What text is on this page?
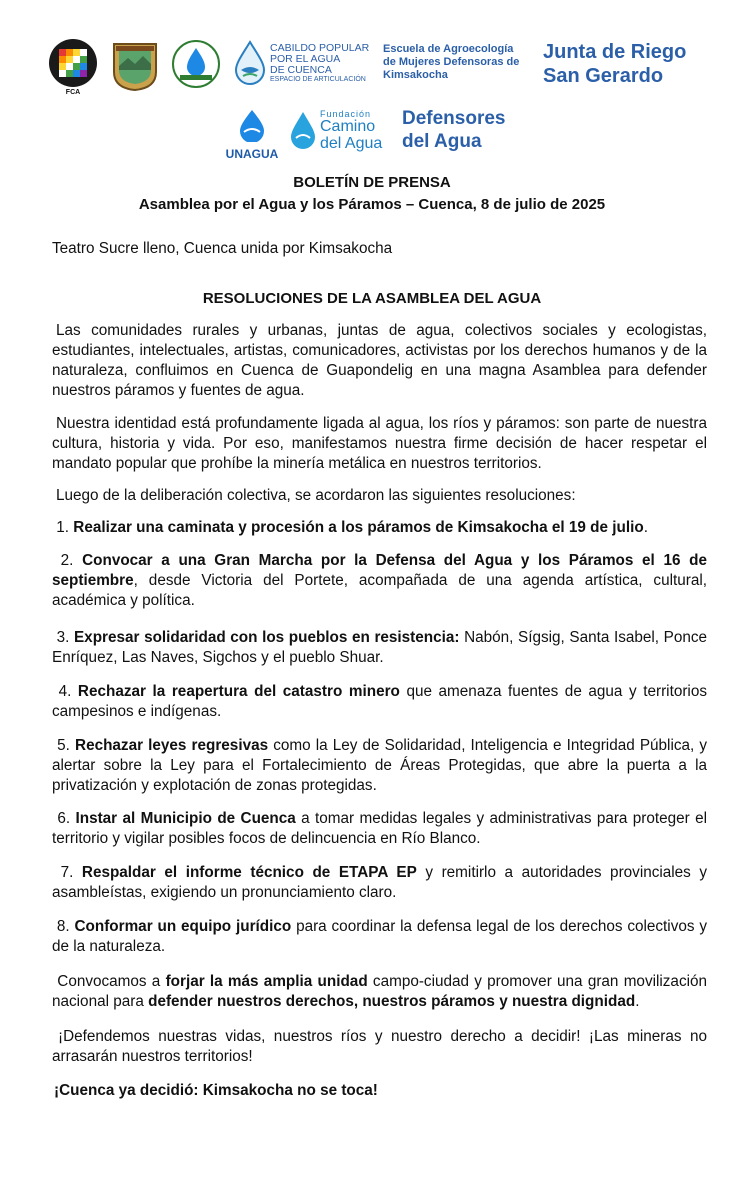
FCA
CABILDO POPULAR
POR EL AGUA
DE CUENCA
ESPACIO DE ARTICULACIÓN
Escuela de Agroecología
de Mujeres Defensoras de
Kimsakocha
Junta de Riego
San Gerardo
UNAGUA
Fundación
Camino
del Agua
Defensores
del Agua
BOLETÍN DE PRENSA
Asamblea por el Agua y los Páramos – Cuenca, 8 de julio de 2025
Teatro Sucre lleno, Cuenca unida por Kimsakocha
RESOLUCIONES DE LA ASAMBLEA DEL AGUA

Las comunidades rurales y urbanas, juntas de agua, colectivos sociales y ecologistas, estudiantes, intelectuales, artistas, comunicadores, activistas por los derechos humanos y de la naturaleza, confluimos en Cuenca de Guapondelig en una magna Asamblea para defender nuestros páramos y fuentes de agua.

Nuestra identidad está profundamente ligada al agua, los ríos y páramos: son parte de nuestra cultura, historia y vida. Por eso, manifestamos nuestra firme decisión de hacer respetar el mandato popular que prohíbe la minería metálica en nuestros territorios.

Luego de la deliberación colectiva, se acordaron las siguientes resoluciones:

1. Realizar una caminata y procesión a los páramos de Kimsakocha el 19 de julio.

2. Convocar a una Gran Marcha por la Defensa del Agua y los Páramos el 16 de septiembre, desde Victoria del Portete, acompañada de una agenda artística, cultural, académica y política.

3. Expresar solidaridad con los pueblos en resistencia: Nabón, Sígsig, Santa Isabel, Ponce Enríquez, Las Naves, Sigchos y el pueblo Shuar.

4. Rechazar la reapertura del catastro minero que amenaza fuentes de agua y territorios campesinos e indígenas.

5. Rechazar leyes regresivas como la Ley de Solidaridad, Inteligencia e Integridad Pública, y alertar sobre la Ley para el Fortalecimiento de Áreas Protegidas, que abre la puerta a la privatización y explotación de zonas protegidas.

6. Instar al Municipio de Cuenca a tomar medidas legales y administrativas para proteger el territorio y vigilar posibles focos de delincuencia en Río Blanco.

7. Respaldar el informe técnico de ETAPA EP y remitirlo a autoridades provinciales y asambleístas, exigiendo un pronunciamiento claro.

8. Conformar un equipo jurídico para coordinar la defensa legal de los derechos colectivos y de la naturaleza.

Convocamos a forjar la más amplia unidad campo-ciudad y promover una gran movilización nacional para defender nuestros derechos, nuestros páramos y nuestra dignidad.

¡Defendemos nuestras vidas, nuestros ríos y nuestro derecho a decidir! ¡Las mineras no arrasarán nuestros territorios!

¡Cuenca ya decidió: Kimsakocha no se toca!
